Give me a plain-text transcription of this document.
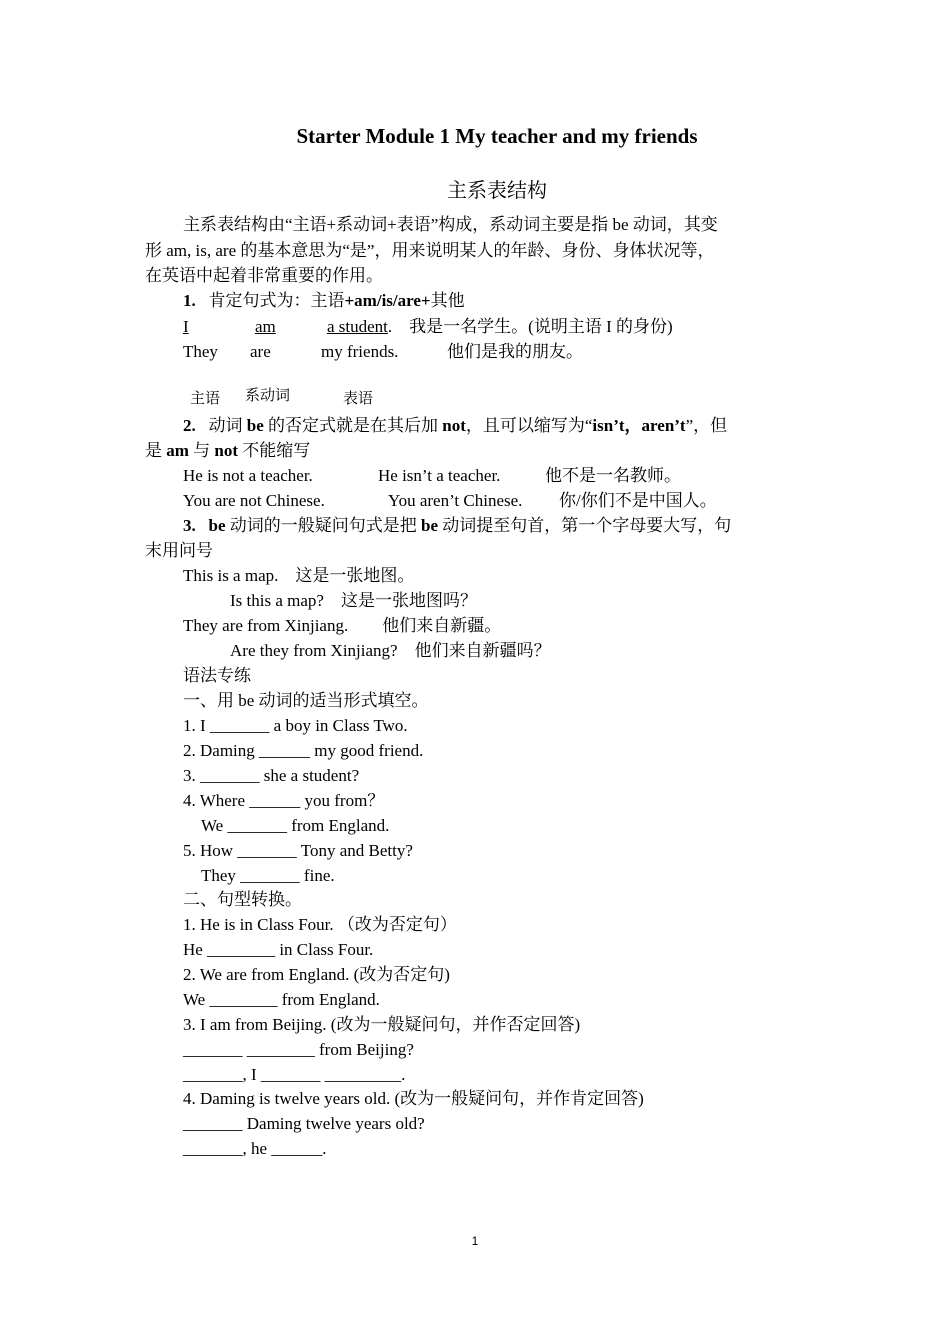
Starter Module 1 My teacher and my friends
主系表结构
主系表结构由“主语+系动词+表语”构成，系动词主要是指 be 动词，其变
形 am, is, are 的基本意思为“是”，用来说明某人的年龄、身份、身体状况等，
在英语中起着非常重要的作用。
1. 肯定句式为：主语+am/is/are+其他
I	am	a student.　我是一名学生。(说明主语 I 的身份)
They are	my friends.	他们是我的朋友。
主语 系动词	表语
2. 动词 be 的否定式就是在其后加 not，且可以缩写为“isn’t，aren’t”，但
是 am 与 not 不能缩写
He is not a teacher.	He isn’t a teacher.	他不是一名教师。
You are not Chinese.	You aren’t Chinese. 你/你们不是中国人。
3. be 动词的一般疑问句式是把 be 动词提至句首，第一个字母要大写，句
末用问号
This is a map.　这是一张地图。
Is this a map?　这是一张地图吗？
They are from Xinjiang.　　他们来自新疆。
Are they from Xinjiang?　他们来自新疆吗？
语法专练
一、用 be 动词的适当形式填空。
1. I _______ a boy in Class Two.
2. Daming ______ my good friend.
3. _______ she a student?
4. Where ______ you from？
We _______ from England.
5. How _______ Tony and Betty?
They _______ fine.
二、句型转换。
1. He is in Class Four. （改为否定句）
He ________ in Class Four.
2. We are from England. (改为否定句)
We ________ from England.
3. I am from Beijing. (改为一般疑问句，并作否定回答)
_______ ________ from Beijing?
_______, I _______ _________.
4. Daming is twelve years old. (改为一般疑问句，并作肯定回答)
_______ Daming twelve years old?
_______, he ______.
1
